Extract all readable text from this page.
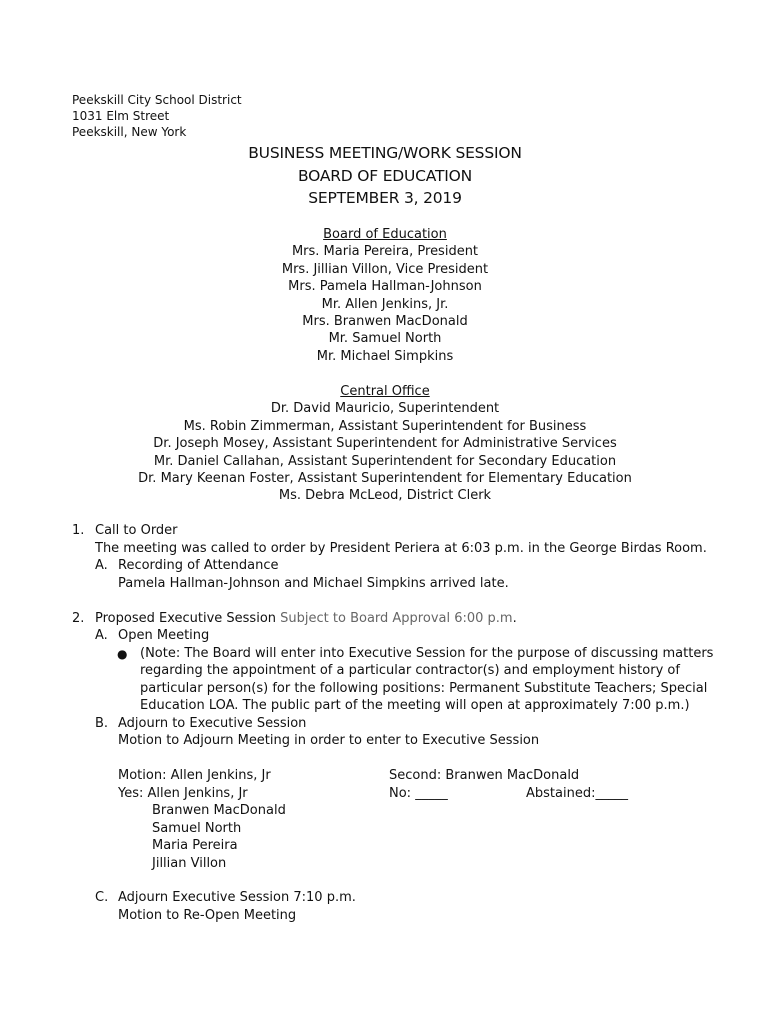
Peekskill City School District
1031 Elm Street
Peekskill, New York
BUSINESS MEETING/WORK SESSION
BOARD OF EDUCATION
SEPTEMBER 3, 2019
Board of Education
Mrs. Maria Pereira, President
Mrs. Jillian Villon, Vice President
Mrs. Pamela Hallman-Johnson
Mr. Allen Jenkins, Jr.
Mrs. Branwen MacDonald
Mr. Samuel North
Mr. Michael Simpkins
Central Office
Dr. David Mauricio, Superintendent
Ms. Robin Zimmerman, Assistant Superintendent for Business
Dr. Joseph Mosey, Assistant Superintendent for Administrative Services
Mr. Daniel Callahan, Assistant Superintendent for Secondary Education
Dr. Mary Keenan Foster, Assistant Superintendent for Elementary Education
Ms. Debra McLeod, District Clerk
1. Call to Order
The meeting was called to order by President Periera at 6:03 p.m. in the George Birdas Room.
A. Recording of Attendance
Pamela Hallman-Johnson and Michael Simpkins arrived late.
2. Proposed Executive Session Subject to Board Approval 6:00 p.m.
A. Open Meeting
● (Note: The Board will enter into Executive Session for the purpose of discussing matters
regarding the appointment of a particular contractor(s) and employment history of
particular person(s) for the following positions: Permanent Substitute Teachers; Special
Education LOA. The public part of the meeting will open at approximately 7:00 p.m.)
B. Adjourn to Executive Session
Motion to Adjourn Meeting in order to enter to Executive Session
Motion: Allen Jenkins, Jr	Second: Branwen MacDonald
Yes: Allen Jenkins, Jr	No: _____	Abstained:_____
Branwen MacDonald
Samuel North
Maria Pereira
Jillian Villon
C. Adjourn Executive Session 7:10 p.m.
Motion to Re-Open Meeting
